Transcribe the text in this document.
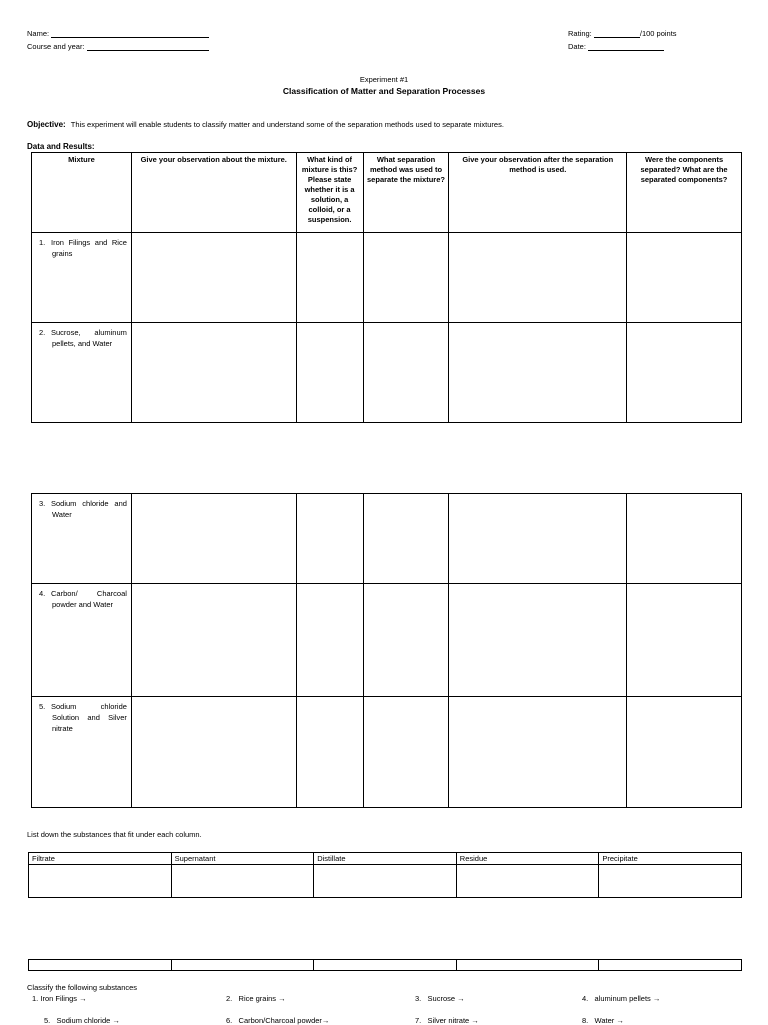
Name:
Course and year:
Rating:	/100 points
Date:
Experiment #1
Classification of Matter and Separation Processes
Objective: This experiment will enable students to classify matter and understand some of the separation methods used to separate mixtures.
Data and Results:
Mixture	Give your observation about the mixture.	What kind of mixture is this? Please state whether it is a solution, a colloid, or a suspension.	What separation method was used to separate the mixture?	Give your observation after the separation method is used.	Were the components separated? What are the separated components?
1. Iron Filings and Rice grains					
2. Sucrose, aluminum pellets, and Water					
3. Sodium chloride and Water					
4. Carbon/ Charcoal powder and Water					
5. Sodium chloride Solution and Silver nitrate					
List down the substances that fit under each column.
Filtrate	Supernatant	Distillate	Residue	Precipitate

Classify the following substances
1. Iron Filings →	2. Rice grains →	3. Sucrose →	4. aluminum pellets →
5. Sodium chloride →	6. Carbon/Charcoal powder→	7. Silver nitrate →	8. Water →
